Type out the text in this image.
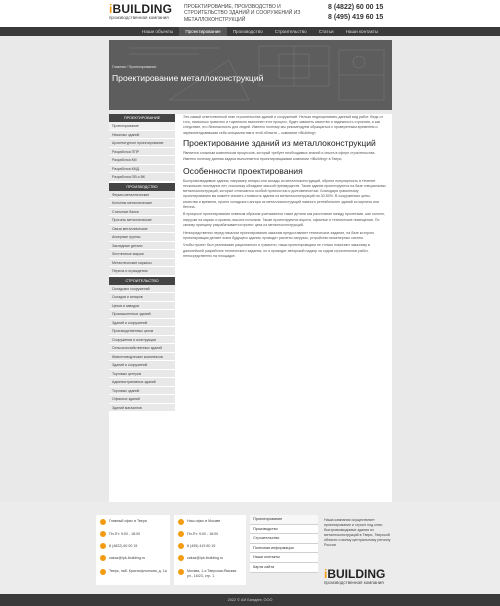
iBUILDING
производственная компания
ПРОЕКТИРОВАНИЕ, ПРОИЗВОДСТВО И СТРОИТЕЛЬСТВО ЗДАНИЙ И СООРУЖЕНИЙ ИЗ МЕТАЛЛОКОНСТРУКЦИЙ
8 (4822) 60 00 15
8 (495) 419 60 15
Наши объекты	Проектирование	Производство	Строительство	Статьи	Наши контакты
Главная / Проектирование
Проектирование металлоконструкций
ПРОЕКТИРОВАНИЕ
Проектирование
Нежилых зданий
Архитектурное проектирование
Разработка ППР
Разработка КМ
Разработка КМД
Разработка ОВ и ВК
ПРОИЗВОДСТВО
Фермы металлические
Колонны металлические
Стальные балки
Прогоны металлические
Связи металлические
Анкерные группы
Закладные детали
Лестничные марши
Металлические каркасы
Перила и ограждения
СТРОИТЕЛЬСТВО
Складских сооружений
Складов и ангаров
Цехов и заводов
Промышленных зданий
Зданий и сооружений
Производственных цехов
Сооружения и конструкции
Сельскохозяйственных зданий
Животноводческих комплексов
Зданий и сооружений
Торговых центров
Административных зданий
Торговых зданий
Офисных зданий
Зданий магазинов

Это самый ответственный этап строительства зданий и сооружений. Нельзя недооценивать данный вид работ. Ведь от того, насколько грамотно и тщательно выполнен этот процесс, будет зависеть качество и надежность строения, и как следствие, его безопасность для людей. Именно поэтому мы рекомендуем обращаться к проверенным временем и зарекомендовавшим себя специалистам в этой области – компании «iBuilding».

Проектирование зданий из металлоконструкций

Является сложным комплексом процессов, который требует необходимых знаний и опыта в сфере строительства. Именно поэтому данная задача выполняется проектировщиками компании «iBuilding» в Твери.

Особенности проектирования

Быстровозводимые здания, например ангары или склады из металлоконструкций, обрели популярность в течение нескольких последних лет, поскольку обладают массой преимуществ. Такие здания проектируются на базе специальных металлоконструкций, которые отличаются особой прочностью и долговечностью. Благодаря грамотному проектированию вы можете снизить стоимость здания из металлоконструкций на 30-50%. В сооружениях цены, качества и времени, проект складского ангара из металлоконструкций намного рентабельнее зданий из кирпича или бетона.

В процессе проектирования главным образом учитываются такие детали как расстояние между пролетами, шаг колонн, нагрузки на каркас и кровлю, высота потолков. Также проектируются ворота, офисные и технические помещения. По своему принципу разрабатывается проект цеха из металлоконструкций.

Непосредственно перед началом проектирования заказчик предоставляет техническое задание, на базе которого проектировщик делает эскиз будущего здания, проводит расчеты нагрузок, устройство инженерных систем.

Чтобы проект был реализован рационально и грамотно, наши проектировщики не только помогают заказчику в дальнейшей разработке технического задания, но и проводят авторский надзор за ходом строительных работ, непосредственно на площадке.

Главный офис в Твери
Пн-Пт: 9:00 - 18:00
8 (4822) 60 00 15
zakaz@ipk-ibuilding.ru
Тверь, наб. Краснофлотская, д. 1а
Наш офис в Москве
Пн-Пт: 9:00 - 18:00
8 (495) 419 60 15
zakaz@ipk-ibuilding.ru
Москва, 1-я Тверская-Ямская ул., 16/23, стр. 1
Проектирование
Производство
Строительство
Полезная информация
Наши контакты
Карта сайта
Наша компания осуществляет проектирование и строит под ключ быстровозводимые здания из металлоконструкций в Твери, Тверской области и всему центральному региону России
iBUILDING
производственная компания
2022 © АИ Билдинг, ООО
